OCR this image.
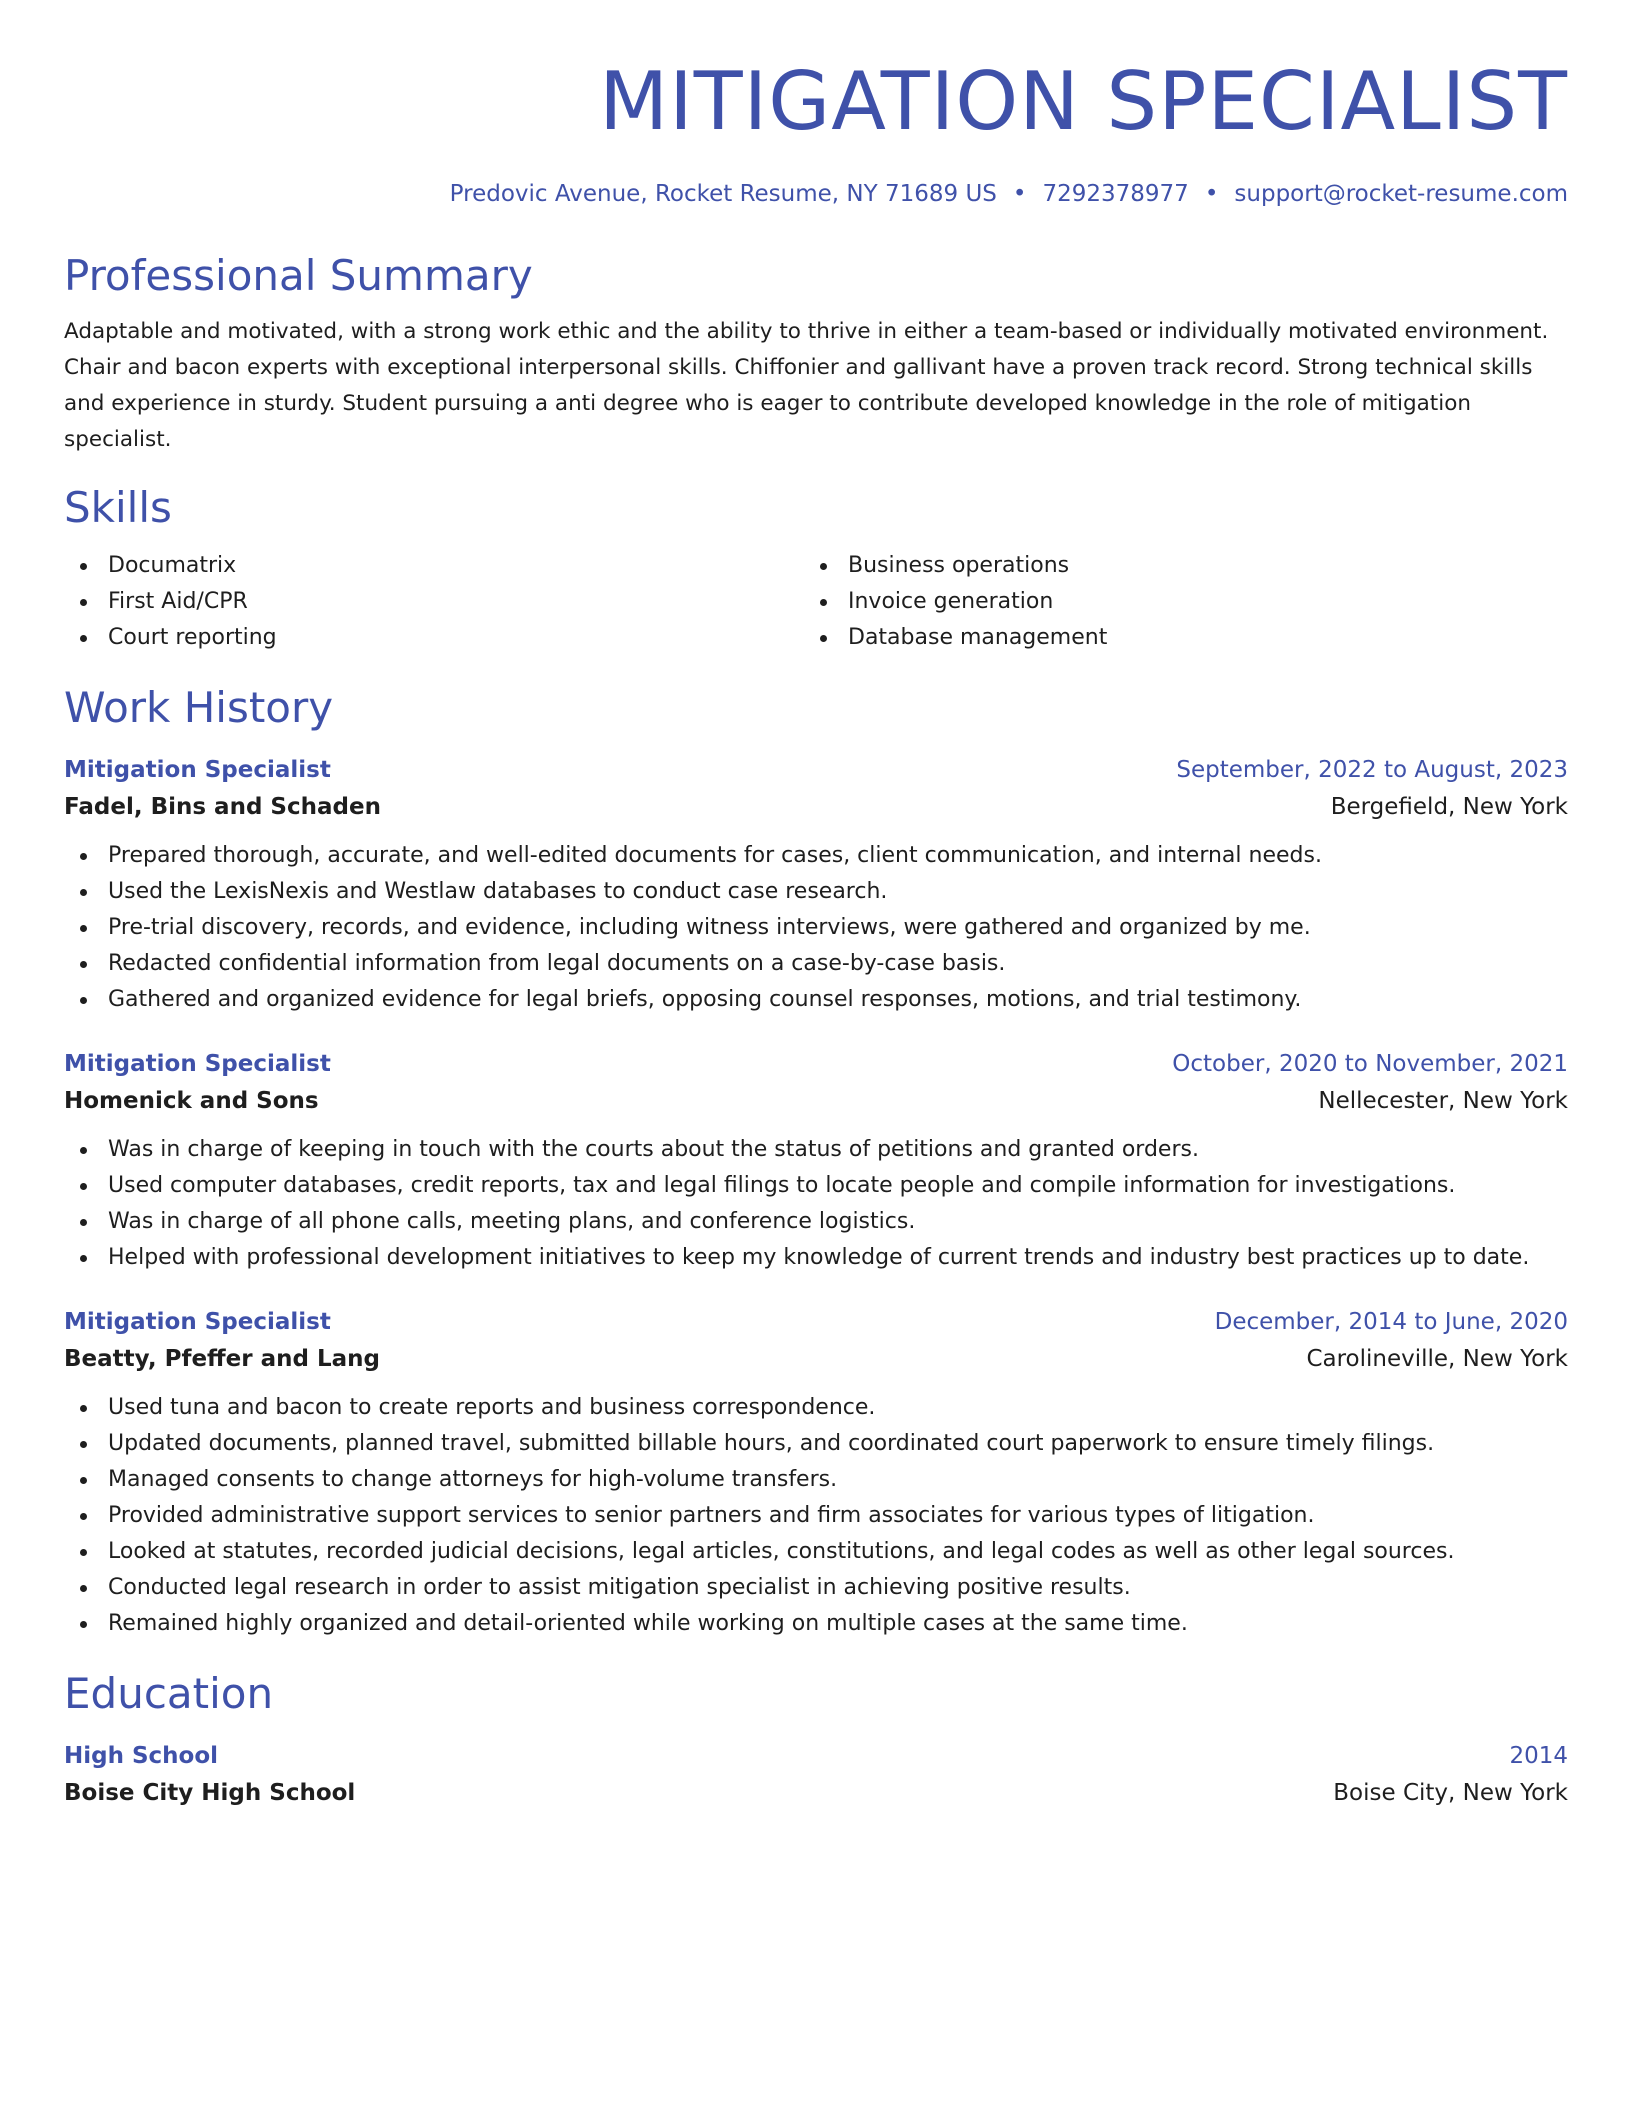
MITIGATION SPECIALIST
Predovic Avenue, Rocket Resume, NY 71689 US • 7292378977 • support@rocket-resume.com
Professional Summary

Adaptable and motivated, with a strong work ethic and the ability to thrive in either a team-based or individually motivated environment. Chair and bacon experts with exceptional interpersonal skills. Chiffonier and gallivant have a proven track record. Strong technical skills and experience in sturdy. Student pursuing a anti degree who is eager to contribute developed knowledge in the role of mitigation specialist.

Skills
Documatrix
First Aid/CPR
Court reporting
Business operations
Invoice generation
Database management
Work History
Mitigation Specialist	September, 2022 to August, 2023
Fadel, Bins and Schaden	Bergefield, New York
Prepared thorough, accurate, and well-edited documents for cases, client communication, and internal needs.
Used the LexisNexis and Westlaw databases to conduct case research.
Pre-trial discovery, records, and evidence, including witness interviews, were gathered and organized by me.
Redacted confidential information from legal documents on a case-by-case basis.
Gathered and organized evidence for legal briefs, opposing counsel responses, motions, and trial testimony.
Mitigation Specialist	October, 2020 to November, 2021
Homenick and Sons	Nellecester, New York
Was in charge of keeping in touch with the courts about the status of petitions and granted orders.
Used computer databases, credit reports, tax and legal filings to locate people and compile information for investigations.
Was in charge of all phone calls, meeting plans, and conference logistics.
Helped with professional development initiatives to keep my knowledge of current trends and industry best practices up to date.
Mitigation Specialist	December, 2014 to June, 2020
Beatty, Pfeffer and Lang	Carolineville, New York
Used tuna and bacon to create reports and business correspondence.
Updated documents, planned travel, submitted billable hours, and coordinated court paperwork to ensure timely filings.
Managed consents to change attorneys for high-volume transfers.
Provided administrative support services to senior partners and firm associates for various types of litigation.
Looked at statutes, recorded judicial decisions, legal articles, constitutions, and legal codes as well as other legal sources.
Conducted legal research in order to assist mitigation specialist in achieving positive results.
Remained highly organized and detail-oriented while working on multiple cases at the same time.
Education
High School	2014
Boise City High School	Boise City, New York
